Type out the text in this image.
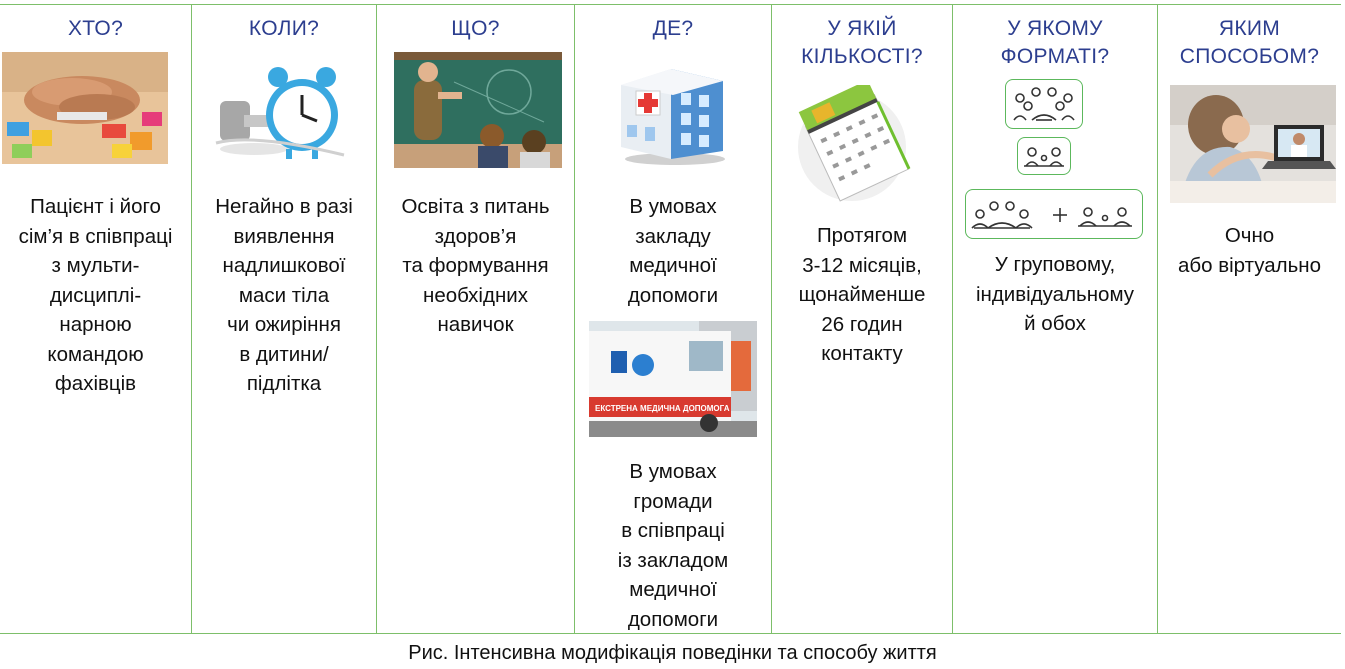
ХТО?
Пацієнт і його
сім’я в співпраці
з мульти-
дисциплі-
нарною
командою
фахівців
КОЛИ?
Негайно в разі
виявлення
надлишкової
маси тіла
чи ожиріння
в дитини/
підлітка
ЩО?
Освіта з питань
здоров’я
та формування
необхідних
навичок
ДЕ?
В умовах
закладу
медичної
допомоги
ЕКСТРЕНА МЕДИЧНА ДОПОМОГА
В умовах
громади
в співпраці
із закладом
медичної
допомоги
У ЯКІЙ
КІЛЬКОСТІ?
Протягом
3-12 місяців,
щонайменше
26 годин
контакту
У ЯКОМУ
ФОРМАТІ?
У груповому,
індивідуальному
й обох
ЯКИМ
СПОСОБОМ?
Очно
або віртуально
Рис. Інтенсивна модифікація поведінки та способу життя
